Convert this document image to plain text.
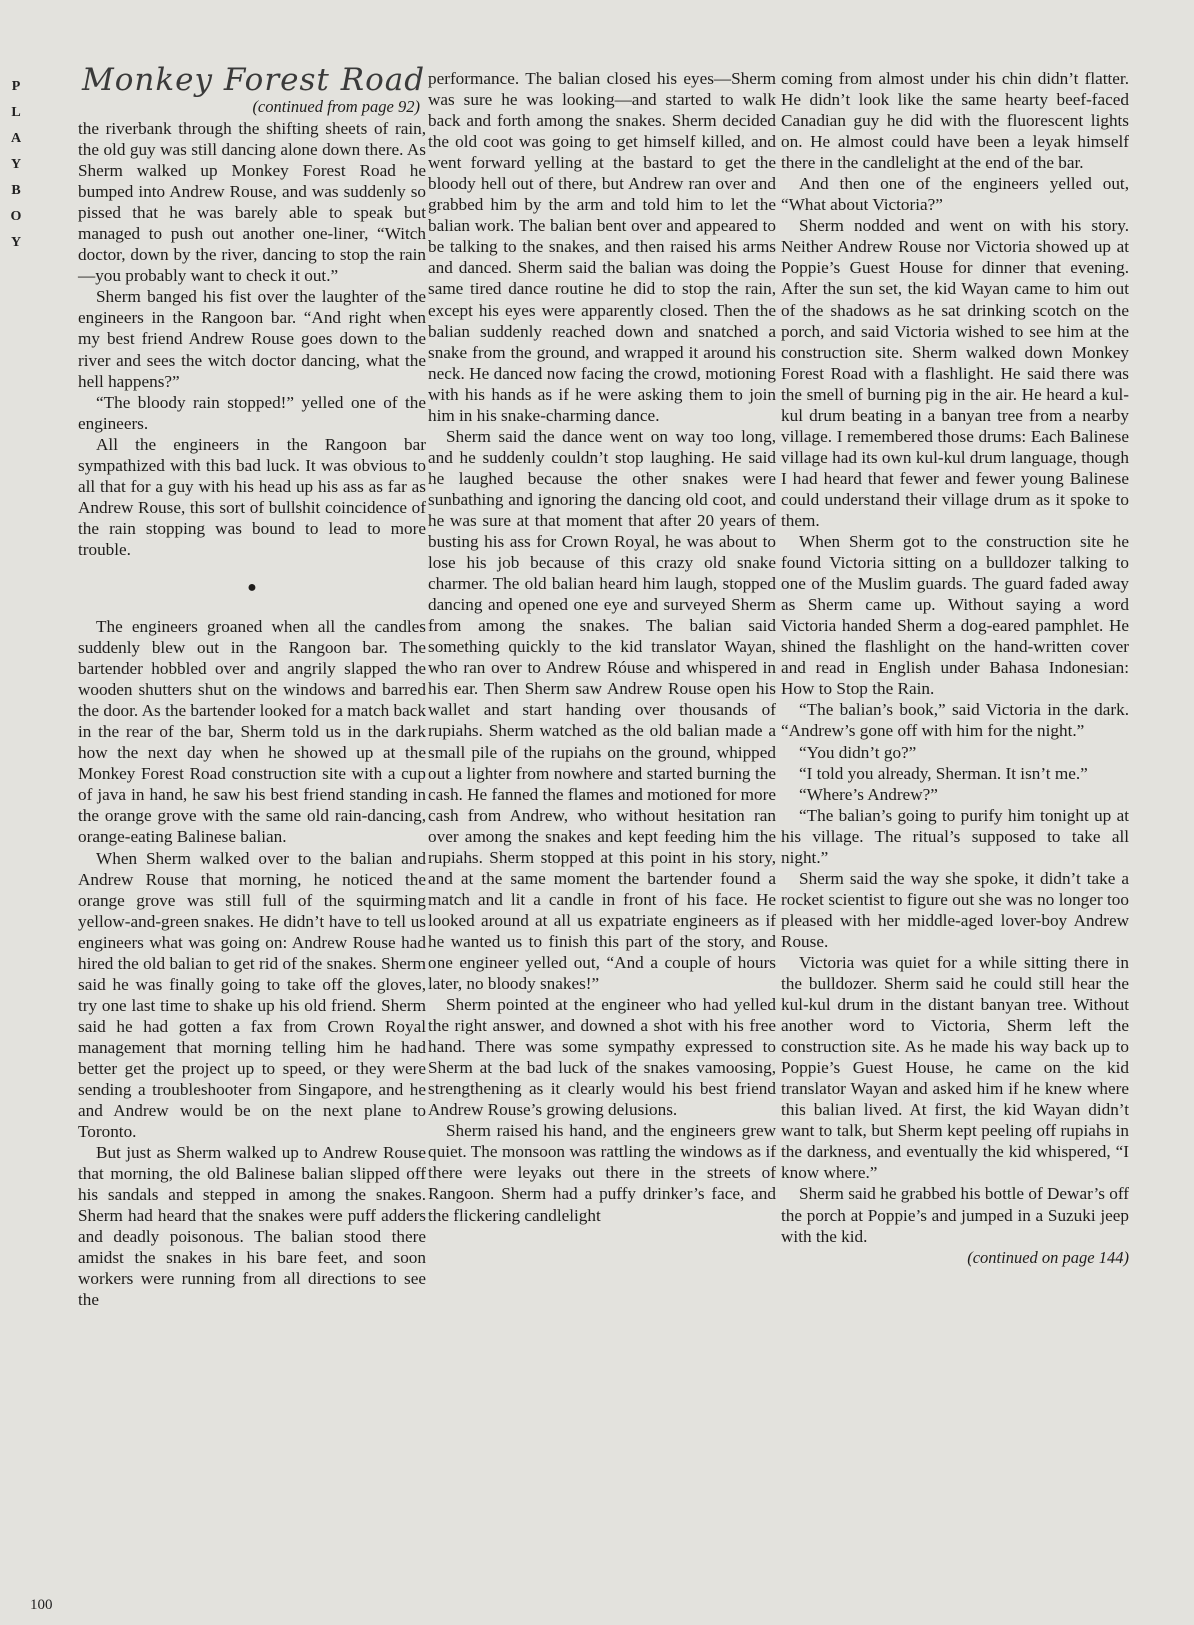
P
L
A
Y
B
O
Y
100
Monkey Forest Road
(continued from page 92)

the riverbank through the shifting sheets of rain, the old guy was still dancing alone down there. As Sherm walked up Monkey Forest Road he bumped into Andrew Rouse, and was suddenly so pissed that he was barely able to speak but managed to push out another one-liner, “Witch doctor, down by the river, dancing to stop the rain—you probably want to check it out.”

Sherm banged his fist over the laughter of the engineers in the Rangoon bar. “And right when my best friend Andrew Rouse goes down to the river and sees the witch doctor dancing, what the hell happens?”

“The bloody rain stopped!” yelled one of the engineers.

All the engineers in the Rangoon bar sympathized with this bad luck. It was obvious to all that for a guy with his head up his ass as far as Andrew Rouse, this sort of bullshit coincidence of the rain stopping was bound to lead to more trouble.

●

The engineers groaned when all the candles suddenly blew out in the Rangoon bar. The bartender hobbled over and angrily slapped the wooden shutters shut on the windows and barred the door. As the bartender looked for a match back in the rear of the bar, Sherm told us in the dark how the next day when he showed up at the Monkey Forest Road construction site with a cup of java in hand, he saw his best friend standing in the orange grove with the same old rain-dancing, orange-eating Balinese balian.

When Sherm walked over to the balian and Andrew Rouse that morning, he noticed the orange grove was still full of the squirming yellow-and-green snakes. He didn’t have to tell us engineers what was going on: Andrew Rouse had hired the old balian to get rid of the snakes. Sherm said he was finally going to take off the gloves, try one last time to shake up his old friend. Sherm said he had gotten a fax from Crown Royal management that morning telling him he had better get the project up to speed, or they were sending a troubleshooter from Singapore, and he and Andrew would be on the next plane to Toronto.

But just as Sherm walked up to Andrew Rouse that morning, the old Balinese balian slipped off his sandals and stepped in among the snakes. Sherm had heard that the snakes were puff adders and deadly poisonous. The balian stood there amidst the snakes in his bare feet, and soon workers were running from all directions to see the

performance. The balian closed his eyes—Sherm was sure he was looking—and started to walk back and forth among the snakes. Sherm decided the old coot was going to get himself killed, and went forward yelling at the bastard to get the bloody hell out of there, but Andrew ran over and grabbed him by the arm and told him to let the balian work. The balian bent over and appeared to be talking to the snakes, and then raised his arms and danced. Sherm said the balian was doing the same tired dance routine he did to stop the rain, except his eyes were apparently closed. Then the balian suddenly reached down and snatched a snake from the ground, and wrapped it around his neck. He danced now facing the crowd, motioning with his hands as if he were asking them to join him in his snake-charming dance.

Sherm said the dance went on way too long, and he suddenly couldn’t stop laughing. He said he laughed because the other snakes were sunbathing and ignoring the dancing old coot, and he was sure at that moment that after 20 years of busting his ass for Crown Royal, he was about to lose his job because of this crazy old snake charmer. The old balian heard him laugh, stopped dancing and opened one eye and surveyed Sherm from among the snakes. The balian said something quickly to the kid translator Wayan, who ran over to Andrew Róuse and whispered in his ear. Then Sherm saw Andrew Rouse open his wallet and start handing over thousands of rupiahs. Sherm watched as the old balian made a small pile of the rupiahs on the ground, whipped out a lighter from nowhere and started burning the cash. He fanned the flames and motioned for more cash from Andrew, who without hesitation ran over among the snakes and kept feeding him the rupiahs. Sherm stopped at this point in his story, and at the same moment the bartender found a match and lit a candle in front of his face. He looked around at all us expatriate engineers as if he wanted us to finish this part of the story, and one engineer yelled out, “And a couple of hours later, no bloody snakes!”

Sherm pointed at the engineer who had yelled the right answer, and downed a shot with his free hand. There was some sympathy expressed to Sherm at the bad luck of the snakes vamoosing, strengthening as it clearly would his best friend Andrew Rouse’s growing delusions.

Sherm raised his hand, and the engineers grew quiet. The monsoon was rattling the windows as if there were leyaks out there in the streets of Rangoon. Sherm had a puffy drinker’s face, and the flickering candlelight

coming from almost under his chin didn’t flatter. He didn’t look like the same hearty beef-faced Canadian guy he did with the fluorescent lights on. He almost could have been a leyak himself there in the candlelight at the end of the bar.

And then one of the engineers yelled out, “What about Victoria?”

Sherm nodded and went on with his story. Neither Andrew Rouse nor Victoria showed up at Poppie’s Guest House for dinner that evening. After the sun set, the kid Wayan came to him out of the shadows as he sat drinking scotch on the porch, and said Victoria wished to see him at the construction site. Sherm walked down Monkey Forest Road with a flashlight. He said there was the smell of burning pig in the air. He heard a kul-kul drum beating in a banyan tree from a nearby village. I remembered those drums: Each Balinese village had its own kul-kul drum language, though I had heard that fewer and fewer young Balinese could understand their village drum as it spoke to them.

When Sherm got to the construction site he found Victoria sitting on a bulldozer talking to one of the Muslim guards. The guard faded away as Sherm came up. Without saying a word Victoria handed Sherm a dog-eared pamphlet. He shined the flashlight on the hand-written cover and read in English under Bahasa Indonesian: How to Stop the Rain.

“The balian’s book,” said Victoria in the dark. “Andrew’s gone off with him for the night.”

“You didn’t go?”

“I told you already, Sherman. It isn’t me.”

“Where’s Andrew?”

“The balian’s going to purify him tonight up at his village. The ritual’s supposed to take all night.”

Sherm said the way she spoke, it didn’t take a rocket scientist to figure out she was no longer too pleased with her middle-aged lover-boy Andrew Rouse.

Victoria was quiet for a while sitting there in the bulldozer. Sherm said he could still hear the kul-kul drum in the distant banyan tree. Without another word to Victoria, Sherm left the construction site. As he made his way back up to Poppie’s Guest House, he came on the kid translator Wayan and asked him if he knew where this balian lived. At first, the kid Wayan didn’t want to talk, but Sherm kept peeling off rupiahs in the darkness, and eventually the kid whispered, “I know where.”

Sherm said he grabbed his bottle of Dewar’s off the porch at Poppie’s and jumped in a Suzuki jeep with the kid.

(continued on page 144)
